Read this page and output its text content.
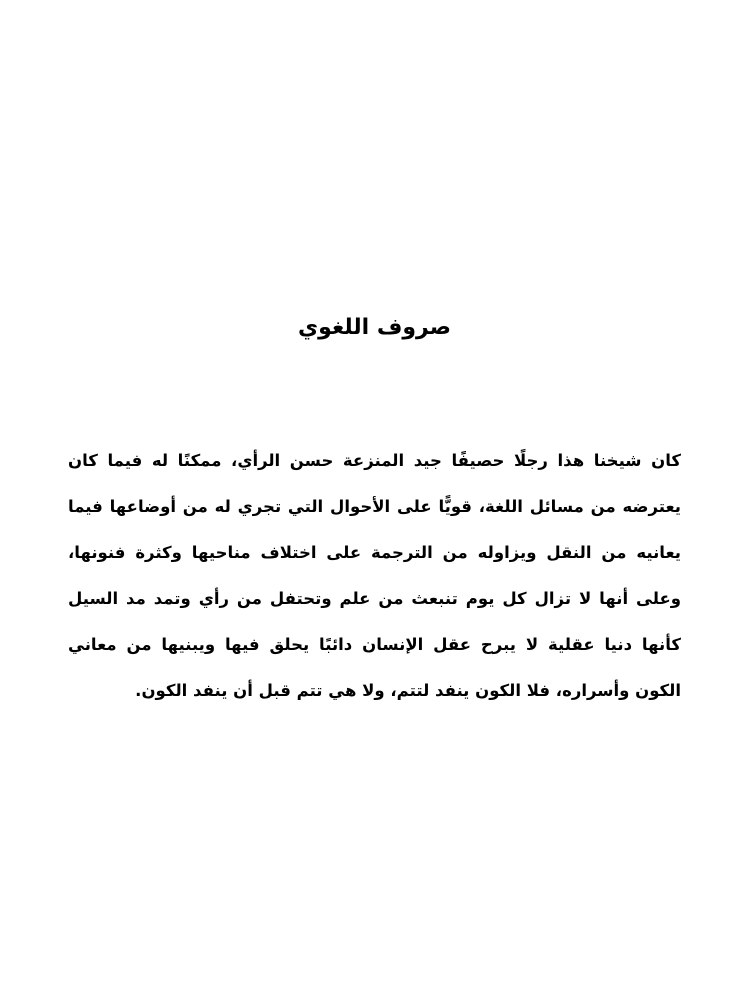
صروف اللغوي

كان شيخنا هذا رجلًا حصيفًا جيد المنزعة حسن الرأي، ممكنًا له فيما كان يعترضه من مسائل اللغة، قويًّا على الأحوال التي تجري له من أوضاعها فيما يعانيه من النقل ويزاوله من الترجمة على اختلاف مناحيها وكثرة فنونها، وعلى أنها لا تزال كل يوم تنبعث من علم وتحتفل من رأي وتمد مد السيل كأنها دنيا عقلية لا يبرح عقل الإنسان دائبًا يحلق فيها ويبنيها من معاني الكون وأسراره، فلا الكون ينفد لتتم، ولا هي تتم قبل أن ينفد الكون.
